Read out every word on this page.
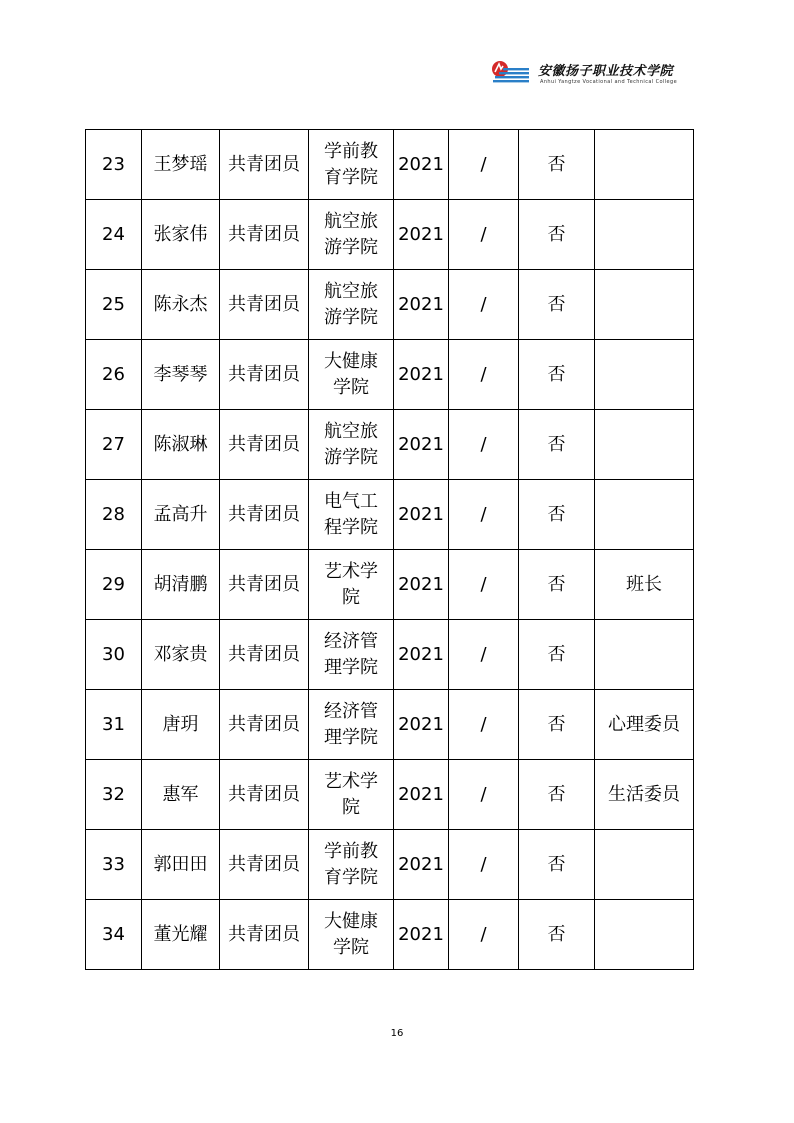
安徽扬子职业技术学院
Anhui Yangtze Vocational and Technical College
23	王梦瑶	共青团员	学前教育学院	2021	/	否	
24	张家伟	共青团员	航空旅游学院	2021	/	否	
25	陈永杰	共青团员	航空旅游学院	2021	/	否	
26	李琴琴	共青团员	大健康学院	2021	/	否	
27	陈淑琳	共青团员	航空旅游学院	2021	/	否	
28	孟高升	共青团员	电气工程学院	2021	/	否	
29	胡清鹏	共青团员	艺术学院	2021	/	否	班长
30	邓家贵	共青团员	经济管理学院	2021	/	否	
31	唐玥	共青团员	经济管理学院	2021	/	否	心理委员
32	惠军	共青团员	艺术学院	2021	/	否	生活委员
33	郭田田	共青团员	学前教育学院	2021	/	否	
34	董光耀	共青团员	大健康学院	2021	/	否	
16
